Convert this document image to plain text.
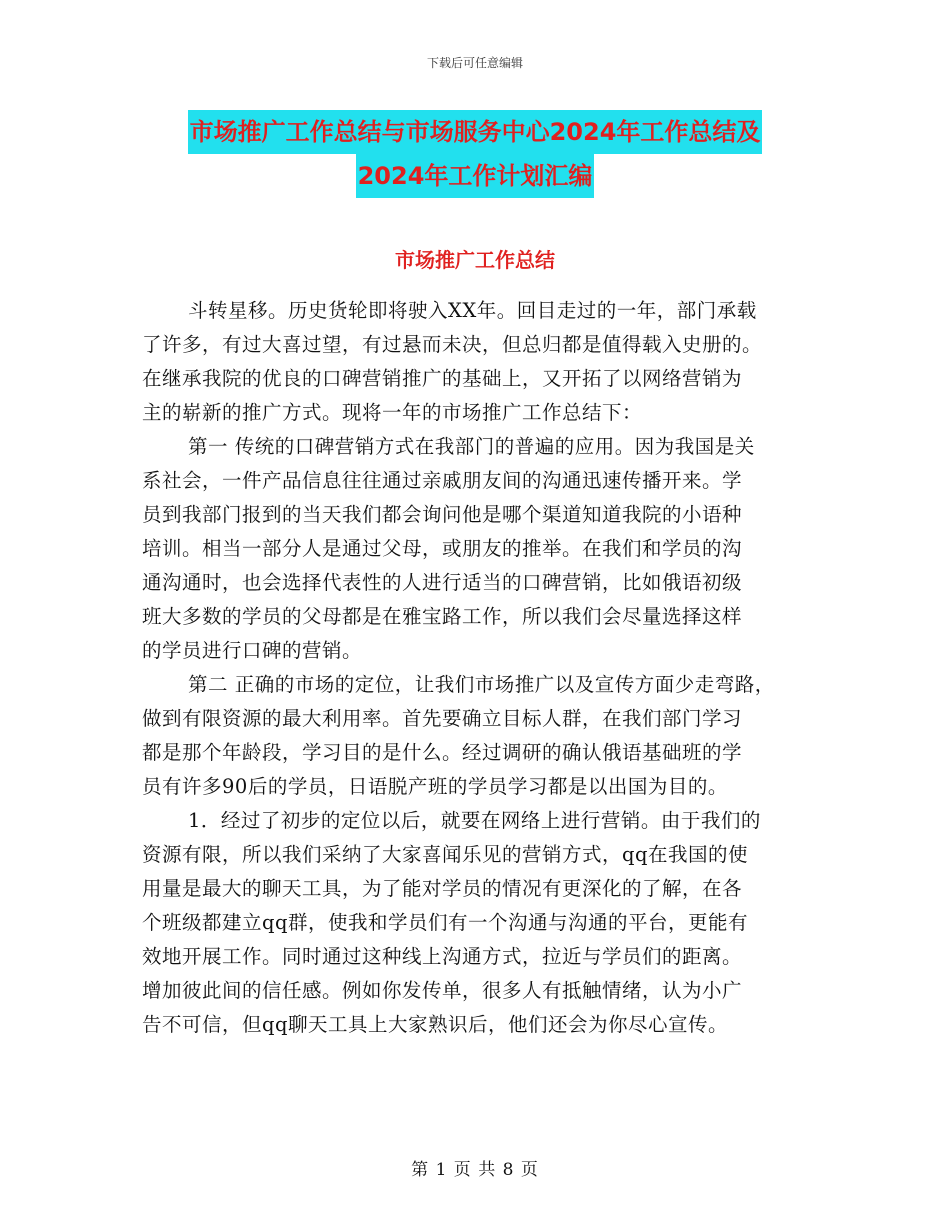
下载后可任意编辑
市场推广工作总结与市场服务中心2024年工作总结及
2024年工作计划汇编
市场推广工作总结

斗转星移。历史货轮即将驶入XX年。回目走过的一年，部门承载
了许多，有过大喜过望，有过悬而未决，但总归都是值得载入史册的。
在继承我院的优良的口碑营销推广的基础上，又开拓了以网络营销为
主的崭新的推广方式。现将一年的市场推广工作总结下：

第一 传统的口碑营销方式在我部门的普遍的应用。因为我国是关
系社会，一件产品信息往往通过亲戚朋友间的沟通迅速传播开来。学
员到我部门报到的当天我们都会询问他是哪个渠道知道我院的小语种
培训。相当一部分人是通过父母，或朋友的推举。在我们和学员的沟
通沟通时，也会选择代表性的人进行适当的口碑营销，比如俄语初级
班大多数的学员的父母都是在雅宝路工作，所以我们会尽量选择这样
的学员进行口碑的营销。

第二 正确的市场的定位，让我们市场推广以及宣传方面少走弯路，
做到有限资源的最大利用率。首先要确立目标人群，在我们部门学习
都是那个年龄段，学习目的是什么。经过调研的确认俄语基础班的学
员有许多90后的学员，日语脱产班的学员学习都是以出国为目的。

1．经过了初步的定位以后，就要在网络上进行营销。由于我们的
资源有限，所以我们采纳了大家喜闻乐见的营销方式，qq在我国的使
用量是最大的聊天工具，为了能对学员的情况有更深化的了解，在各
个班级都建立qq群，使我和学员们有一个沟通与沟通的平台，更能有
效地开展工作。同时通过这种线上沟通方式，拉近与学员们的距离。
增加彼此间的信任感。例如你发传单，很多人有抵触情绪，认为小广
告不可信，但qq聊天工具上大家熟识后，他们还会为你尽心宣传。

第 1 页 共 8 页
